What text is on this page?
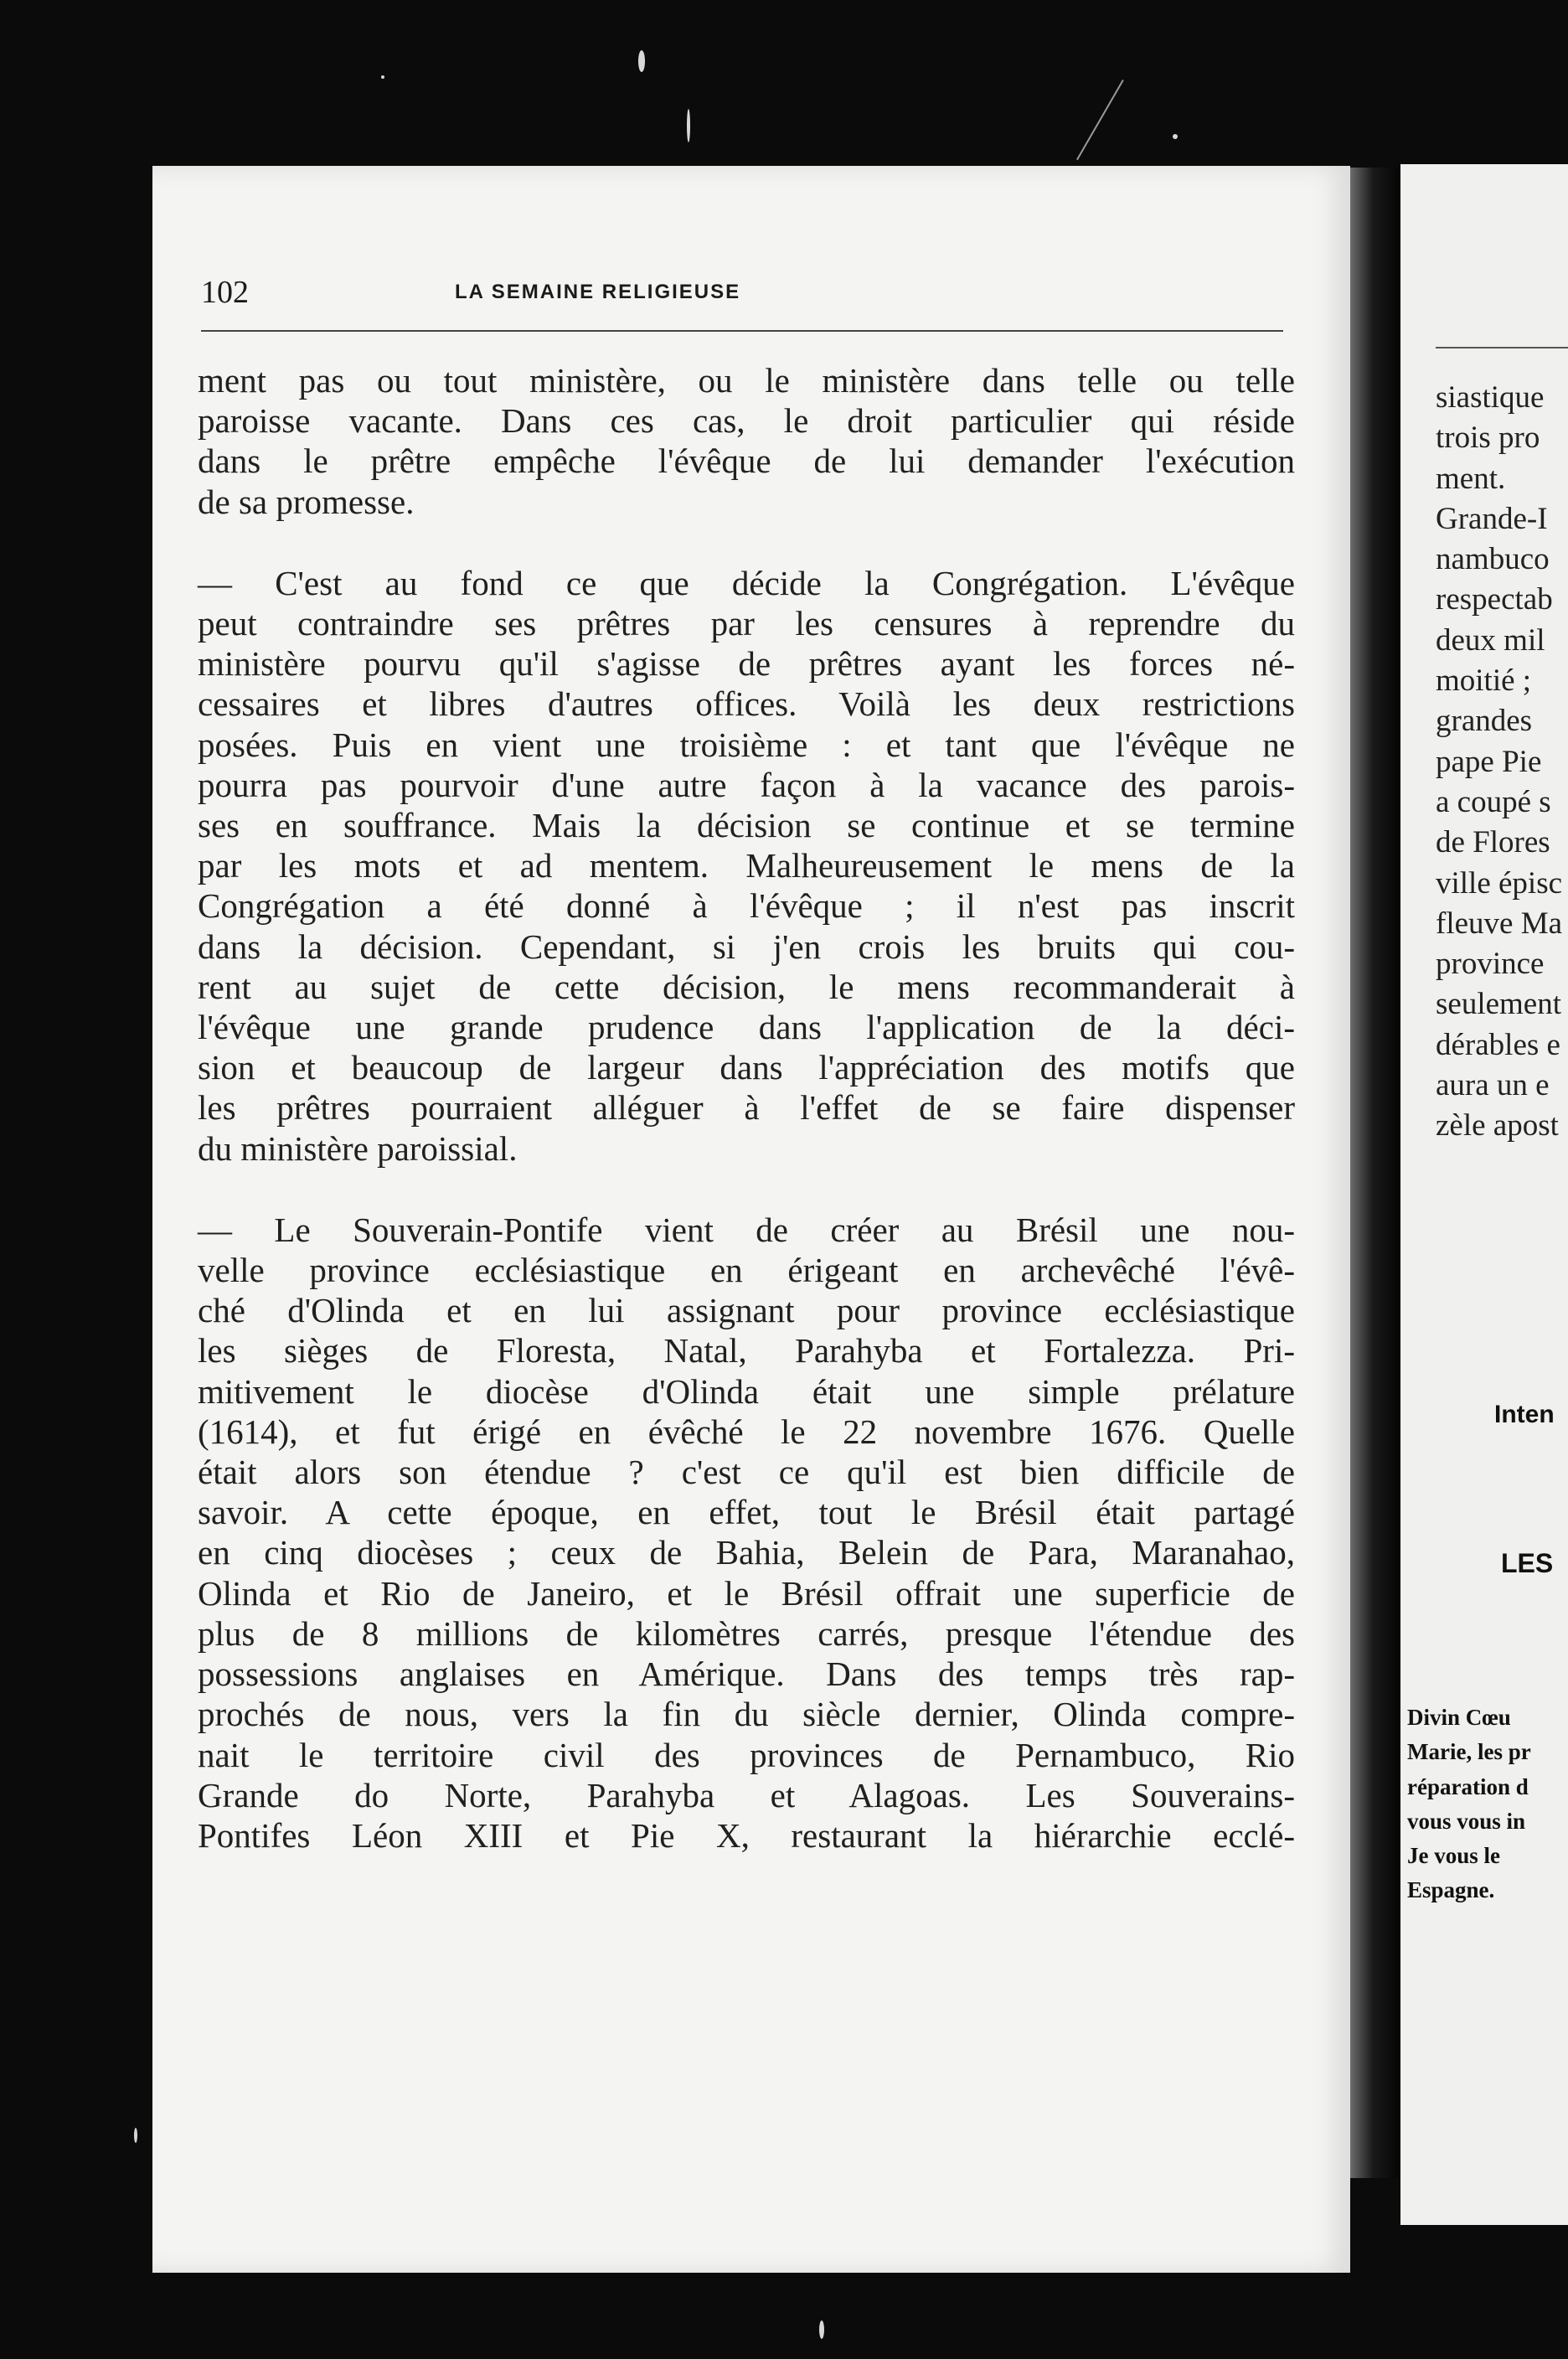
102	LA SEMAINE RELIGIEUSE

ment pas ou tout ministère, ou le ministère dans telle ou telle
paroisse vacante. Dans ces cas, le droit particulier qui réside
dans le prêtre empêche l'évêque de lui demander l'exécution
de sa promesse.

— C'est au fond ce que décide la Congrégation. L'évêque
peut contraindre ses prêtres par les censures à reprendre du
ministère pourvu qu'il s'agisse de prêtres ayant les forces né-
cessaires et libres d'autres offices. Voilà les deux restrictions
posées. Puis en vient une troisième : et tant que l'évêque ne
pourra pas pourvoir d'une autre façon à la vacance des parois-
ses en souffrance. Mais la décision se continue et se termine
par les mots et ad mentem. Malheureusement le mens de la
Congrégation a été donné à l'évêque ; il n'est pas inscrit
dans la décision. Cependant, si j'en crois les bruits qui cou-
rent au sujet de cette décision, le mens recommanderait à
l'évêque une grande prudence dans l'application de la déci-
sion et beaucoup de largeur dans l'appréciation des motifs que
les prêtres pourraient alléguer à l'effet de se faire dispenser
du ministère paroissial.

— Le Souverain-Pontife vient de créer au Brésil une nou-
velle province ecclésiastique en érigeant en archevêché l'évê-
ché d'Olinda et en lui assignant pour province ecclésiastique
les sièges de Floresta, Natal, Parahyba et Fortalezza. Pri-
mitivement le diocèse d'Olinda était une simple prélature
(1614), et fut érigé en évêché le 22 novembre 1676. Quelle
était alors son étendue ? c'est ce qu'il est bien difficile de
savoir. A cette époque, en effet, tout le Brésil était partagé
en cinq diocèses ; ceux de Bahia, Belein de Para, Maranahao,
Olinda et Rio de Janeiro, et le Brésil offrait une superficie de
plus de 8 millions de kilomètres carrés, presque l'étendue des
possessions anglaises en Amérique. Dans des temps très rap-
prochés de nous, vers la fin du siècle dernier, Olinda compre-
nait le territoire civil des provinces de Pernambuco, Rio
Grande do Norte, Parahyba et Alagoas. Les Souverains-
Pontifes Léon XIII et Pie X, restaurant la hiérarchie ecclé-

siastique
trois pro
ment.
Grande-I
nambuco
respectab
deux mil
moitié ;
grandes
pape Pie
a coupé s
de Flores
ville épisc
fleuve Ma
province
seulement
dérables e
aura un e
zèle apost
Inten
LES
Divin Cœu
Marie, les pr
réparation d
vous vous in
Je vous le
Espagne.
